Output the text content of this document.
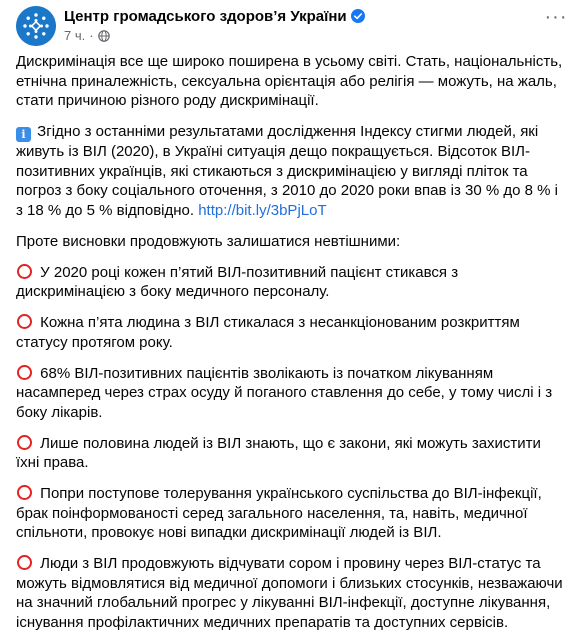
Центр громадського здоров’я України
7 ч. ·
···

Дискримінація все ще широко поширена в усьому світі. Стать, національність, етнічна приналежність, сексуальна орієнтація або релігія — можуть, на жаль, стати причиною різного роду дискримінації.

i Згідно з останніми результатами дослідження Індексу стигми людей, які живуть із ВІЛ (2020), в Україні ситуація дещо покращується. Відсоток ВІЛ-позитивних українців, які стикаються з дискримінацією у вигляді пліток та погроз з боку соціального оточення, з 2010 до 2020 роки впав із 30 % до 8 % і з 18 % до 5 % відповідно. http://bit.ly/3bPjLoT

Проте висновки продовжують залишатися невтішними:

У 2020 році кожен п’ятий ВІЛ-позитивний пацієнт стикався з дискримінацією з боку медичного персоналу.

Кожна п’ята людина з ВІЛ стикалася з несанкціонованим розкриттям статусу протягом року.

68% ВІЛ-позитивних пацієнтів зволікають із початком лікуванням насамперед через страх осуду й поганого ставлення до себе, у тому числі і з боку лікарів.

Лише половина людей із ВІЛ знають, що є закони, які можуть захистити їхні права.

Попри поступове толерування українського суспільства до ВІЛ-інфекції, брак поінформованості серед загального населення, та, навіть, медичної спільноти, провокує нові випадки дискримінації людей із ВІЛ.

Люди з ВІЛ продовжують відчувати сором і провину через ВІЛ-статус та можуть відмовлятися від медичної допомоги і близьких стосунків, незважаючи на значний глобальний прогрес у лікуванні ВІЛ-інфекції, доступне лікування, існування профілактичних медичних препаратів та доступних сервісів.
